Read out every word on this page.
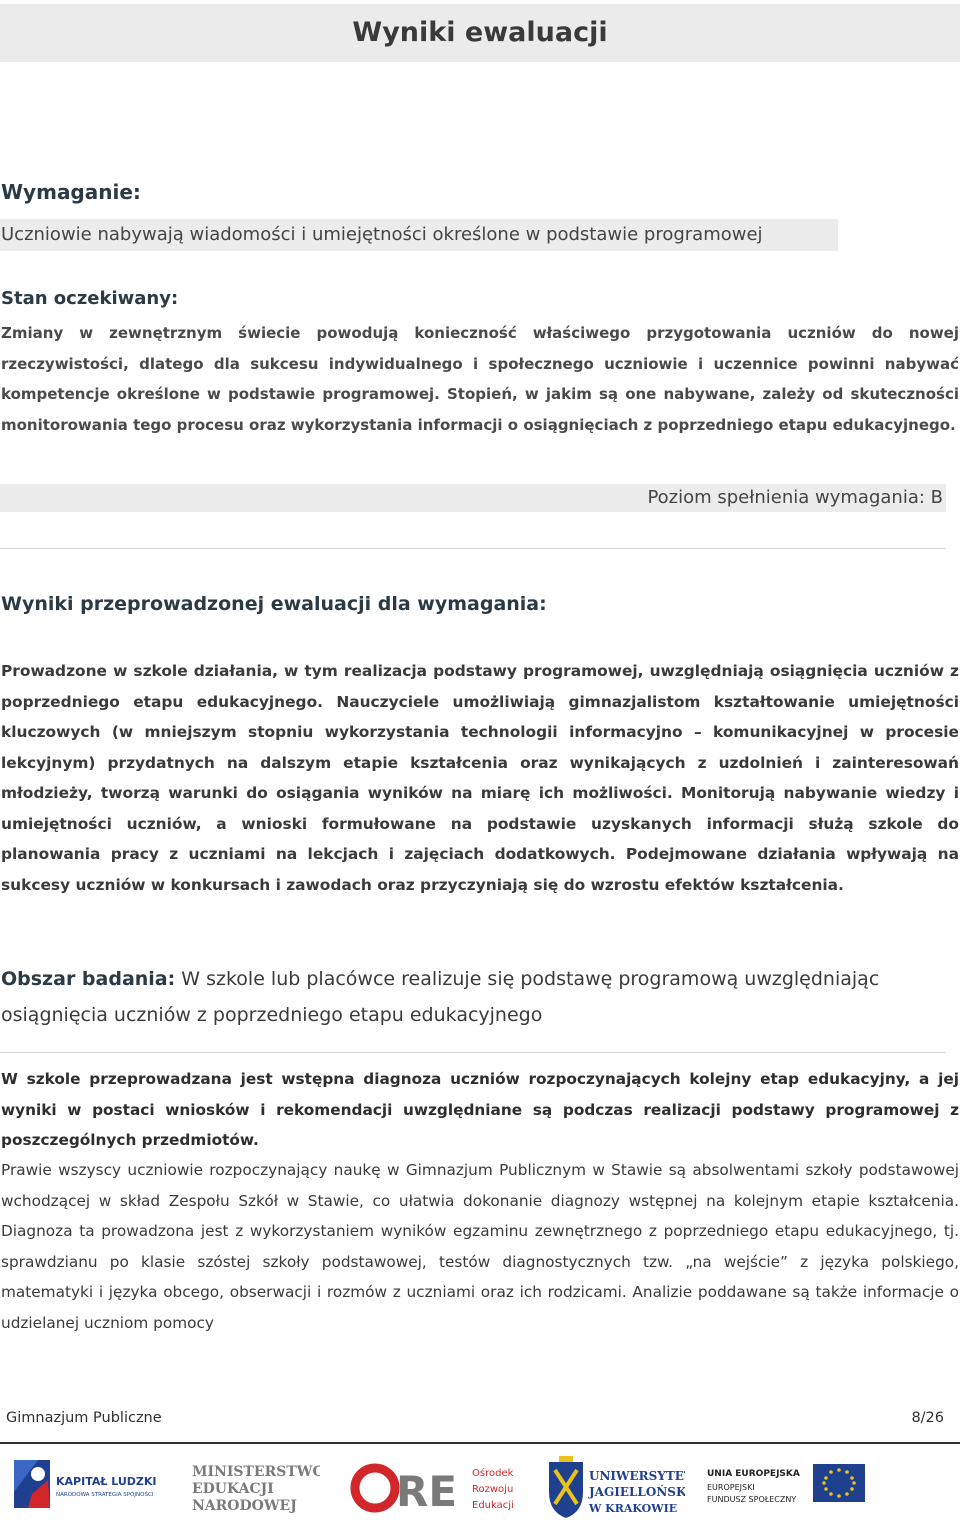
Wyniki ewaluacji
Wymaganie:
Uczniowie nabywają wiadomości i umiejętności określone w podstawie programowej
Stan oczekiwany:
Zmiany w zewnętrznym świecie powodują konieczność właściwego przygotowania uczniów do nowej rzeczywistości, dlatego dla sukcesu indywidualnego i społecznego uczniowie i uczennice powinni nabywać kompetencje określone w podstawie programowej. Stopień, w jakim są one nabywane, zależy od skuteczności monitorowania tego procesu oraz wykorzystania informacji o osiągnięciach z poprzedniego etapu edukacyjnego.
Poziom spełnienia wymagania: B
Wyniki przeprowadzonej ewaluacji dla wymagania:
Prowadzone w szkole działania, w tym realizacja podstawy programowej, uwzględniają osiągnięcia uczniów z poprzedniego etapu edukacyjnego. Nauczyciele umożliwiają gimnazjalistom kształtowanie umiejętności kluczowych (w mniejszym stopniu wykorzystania technologii informacyjno – komunikacyjnej w procesie lekcyjnym) przydatnych na dalszym etapie kształcenia oraz wynikających z uzdolnień i zainteresowań młodzieży, tworzą warunki do osiągania wyników na miarę ich możliwości. Monitorują nabywanie wiedzy i umiejętności uczniów, a wnioski formułowane na podstawie uzyskanych informacji służą szkole do planowania pracy z uczniami na lekcjach i zajęciach dodatkowych. Podejmowane działania wpływają na sukcesy uczniów w konkursach i zawodach oraz przyczyniają się do wzrostu efektów kształcenia.
Obszar badania: W szkole lub placówce realizuje się podstawę programową uwzględniając osiągnięcia uczniów z poprzedniego etapu edukacyjnego
W szkole przeprowadzana jest wstępna diagnoza uczniów rozpoczynających kolejny etap edukacyjny, a jej wyniki w postaci wniosków i rekomendacji uwzględniane są podczas realizacji podstawy programowej z poszczególnych przedmiotów.
Prawie wszyscy uczniowie rozpoczynający naukę w Gimnazjum Publicznym w Stawie są absolwentami szkoły podstawowej wchodzącej w skład Zespołu Szkół w Stawie, co ułatwia dokonanie diagnozy wstępnej na kolejnym etapie kształcenia. Diagnoza ta prowadzona jest z wykorzystaniem wyników egzaminu zewnętrznego z poprzedniego etapu edukacyjnego, tj. sprawdzianu po klasie szóstej szkoły podstawowej, testów diagnostycznych tzw. „na wejście” z języka polskiego, matematyki i języka obcego, obserwacji i rozmów z uczniami oraz ich rodzicami. Analizie poddawane są także informacje o udzielanej uczniom pomocy
Gimnazjum Publiczne	8/26
KAPITAŁ LUDZKI
NARODOWA STRATEGIA SPÓJNOŚCI
MINISTERSTWO
EDUKACJI
NARODOWEJ RE Ośrodek
Rozwoju
Edukacji
UNIWERSYTET
JAGIELLOŃSKI
W KRAKOWIE
UNIA EUROPEJSKA
EUROPEJSKI
FUNDUSZ SPOŁECZNY
